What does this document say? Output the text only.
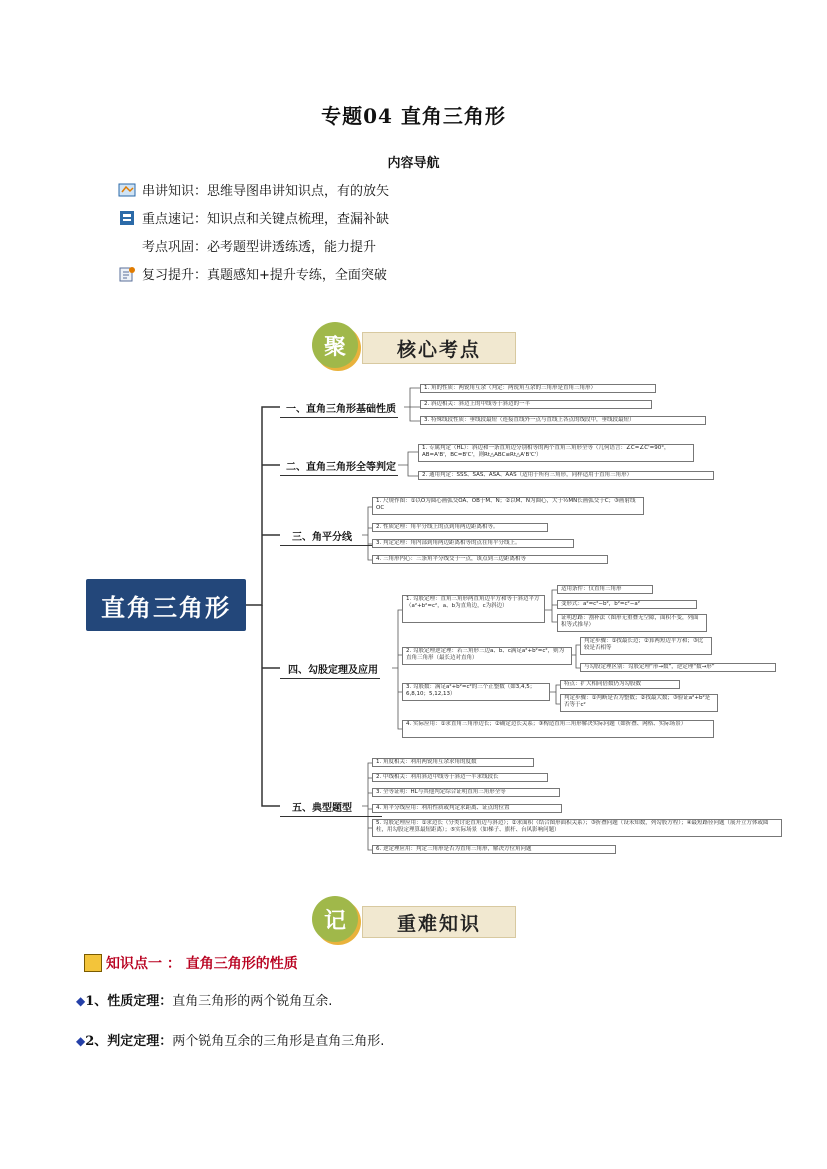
专题04 直角三角形
内容导航
串讲知识：思维导图串讲知识点，有的放矢
重点速记：知识点和关键点梳理，查漏补缺
考点巩固：必考题型讲透练透，能力提升
复习提升：真题感知+提升专练，全面突破
聚	核心考点
直角三角形
一、直角三角形基础性质
二、直角三角形全等判定
三、角平分线
四、勾股定理及应用
五、典型题型
1. 角的性质：两锐角互余（判定：两锐角互余的三角形是直角三角形）
2. 斜边相关：斜边上的中线等于斜边的一半
3. 特殊线段性质：垂线段最短（连接直线外一点与直线上各点的线段中，垂线段最短）
1. 专属判定（HL）：斜边和一条直角边分别相等的两个直角三角形全等（几何语言：∠C=∠C'=90°，AB=A'B'，BC=B'C'，则Rt△ABC≌Rt△A'B'C'）
2. 通用判定：SSS、SAS、ASA、AAS（适用于所有三角形，同样适用于直角三角形）
1. 尺规作图：①以O为圆心画弧交OA、OB于M、N；②以M、N为圆心，大于½MN长画弧交于C；③画射线OC
2. 性质定理：角平分线上的点到角两边距离相等。
3. 判定定理：角内部到角两边距离相等的点在角平分线上。
4. 三角形内心：三条角平分线交于一点，该点到三边距离相等
1. 勾股定理：直角三角形两直角边平方和等于斜边平方（a²+b²=c²，a、b为直角边，c为斜边）
适用条件：仅直角三角形
变形式：a²=c²−b²，b²=c²−a²
证明思路：割补法（图形无重叠无空隙，面积不变，列面积等式推导）
2. 勾股定理逆定理：若三角形三边a、b、c满足a²+b²=c²，则为直角三角形（最长边对直角）
判定步骤：①找最长边；②算两短边平方和；③比较是否相等
与勾股定理区别：勾股定理“形→数”，逆定理“数→形”
3. 勾股数：满足a²+b²=c²的三个正整数（如3,4,5；6,8,10；5,12,13）
特点：扩大相同倍数仍为勾股数
判定步骤：①判断是否为整数；②找最大数；③验证a²+b²是否等于c²
4. 实际应用：①求直角三角形边长；②确定边长关系；③构造直角三角形解决实际问题（如折叠、网格、实际场景）
1. 角度相关：利用两锐角互余求角的度数
2. 中线相关：利用斜边中线等于斜边一半求线段长
3. 全等证明：HL与其他判定综合证明直角三角形全等
4. 角平分线应用：利用性质或判定求距离、证点的位置
5. 勾股定理应用：①求边长（分类讨论直角边与斜边）；②求面积（结合图形面积关系）；③折叠问题（设未知数，列勾股方程）；④最短路径问题（展开立方体或圆柱，用勾股定理算最短距离）；⑤实际场景（如梯子、旗杆、台风影响问题）
6. 逆定理应用：判定三角形是否为直角三角形，解决方位角问题
记	重难知识
知识点一 ： 直角三角形的性质
◆1、性质定理：直角三角形的两个锐角互余.
◆2、判定定理：两个锐角互余的三角形是直角三角形.
